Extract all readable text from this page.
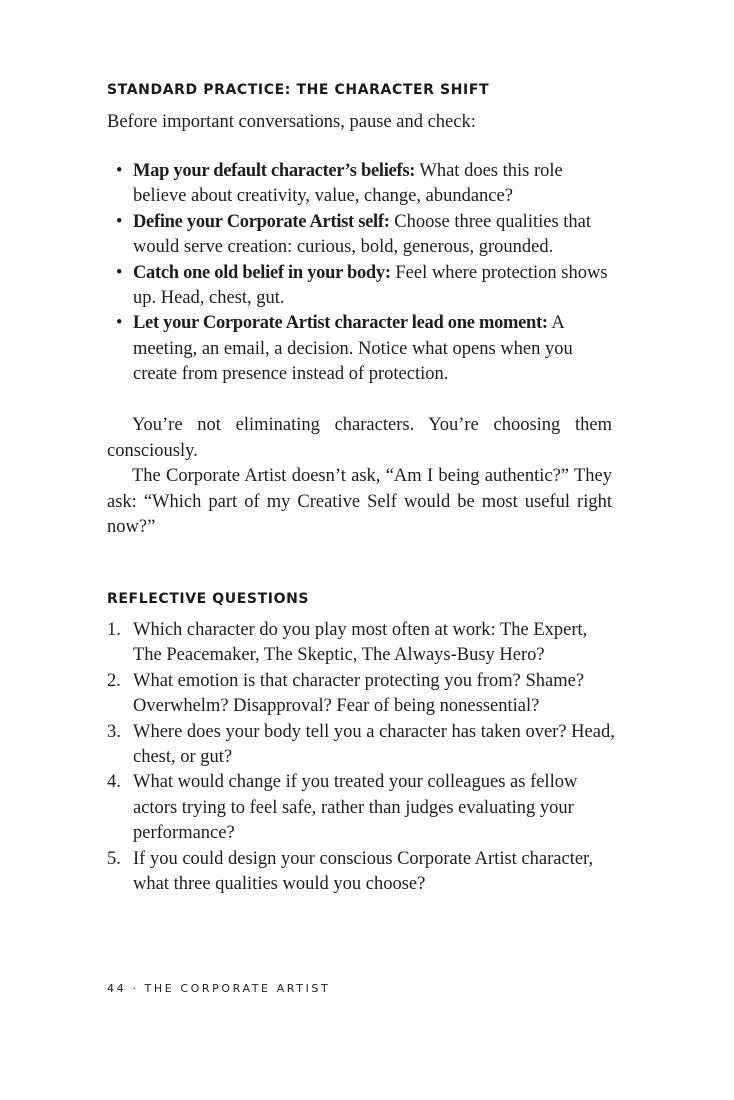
STANDARD PRACTICE: THE CHARACTER SHIFT

Before important conversations, pause and check:

• Map your default character’s beliefs: What does this role believe about creativity, value, change, abundance?
• Define your Corporate Artist self: Choose three qualities that would serve creation: curious, bold, generous, grounded.
• Catch one old belief in your body: Feel where protection shows up. Head, chest, gut.
• Let your Corporate Artist character lead one moment: A meeting, an email, a decision. Notice what opens when you create from presence instead of protection.

You’re not eliminating characters. You’re choosing them consciously.

The Corporate Artist doesn’t ask, “Am I being authentic?” They ask: “Which part of my Creative Self would be most useful right now?”

REFLECTIVE QUESTIONS
1. Which character do you play most often at work: The Expert, The Peacemaker, The Skeptic, The Always-Busy Hero?
2. What emotion is that character protecting you from? Shame? Overwhelm? Disapproval? Fear of being nonessential?
3. Where does your body tell you a character has taken over? Head, chest, or gut?
4. What would change if you treated your colleagues as fellow actors trying to feel safe, rather than judges evaluating your performance?
5. If you could design your conscious Corporate Artist character, what three qualities would you choose?
44 · THE CORPORATE ARTIST
